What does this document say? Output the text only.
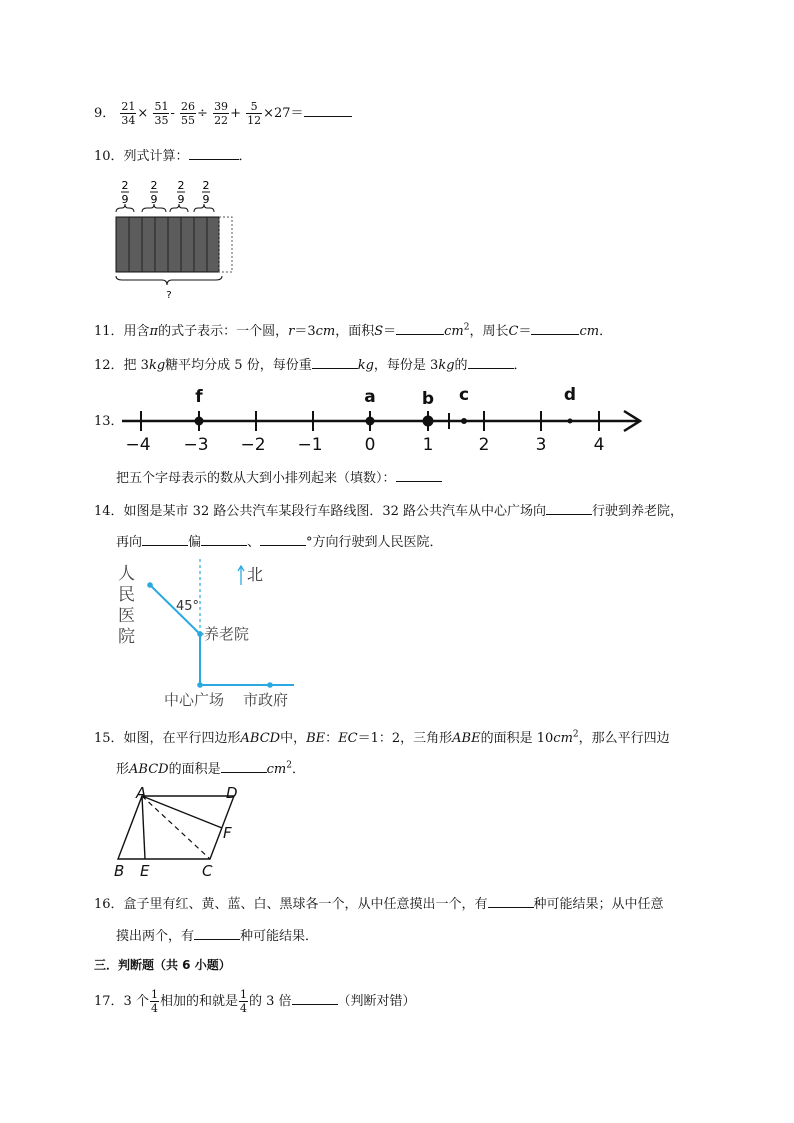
9． $\frac{21}{34} \times \frac{51}{35} - \frac{26}{55} \div \frac{39}{22} + \frac{5}{12} \times 27=$
10．列式计算：	．
2
9
2
9
2
9
2
9
?
11．用含π的式子表示：一个圆，r＝3cm，面积S＝	$cm^2$，周长C＝	cm．
12．把 3kg糖平均分成 5 份，每份重	kg，每份是 3kg的	．
13．
−4 −3 −2 −1 0	1	2	3	4
f	a	b c	d
把五个字母表示的数从大到小排列起来（填数）：
14．如图是某市 32 路公共汽车某段行车路线图．32 路公共汽车从中心广场向	行驶到养老院，
再向	偏	、	°方向行驶到人民医院．
北
人
民
医
院
45°
养老院
中心广场 市政府
15．如图，在平行四边形ABCD中，BE：EC＝1：2，三角形ABE的面积是 $10cm^2$，那么平行四边
形ABCD的面积是	$cm^2$．
A	D
F
B E	C
16．盒子里有红、黄、蓝、白、黑球各一个，从中任意摸出一个，有	种可能结果；从中任意
摸出两个，有	种可能结果．
三．判断题（共 6 小题）
17．3 个 $\frac{1}{4}$ 相加的和就是 $\frac{1}{4}$ 的 3 倍	（判断对错）
